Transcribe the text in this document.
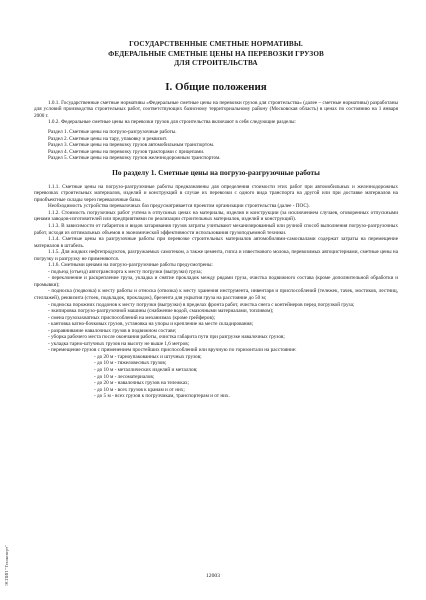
ГОСУДАРСТВЕННЫЕ СМЕТНЫЕ НОРМАТИВЫ.
ФЕДЕРАЛЬНЫЕ СМЕТНЫЕ ЦЕНЫ НА ПЕРЕВОЗКИ ГРУЗОВ
ДЛЯ СТРОИТЕЛЬСТВА
I. Общие положения

1.0.1. Государственные сметные нормативы «Федеральные сметные цены на перевозки грузов для строительства» (далее – сметные нормативы) разработаны для условий производства строительных работ, соответствующих базисному территориальному району (Московская область) в ценах по состоянию на 1 января 2000 г.

1.0.2. Федеральные сметные цены на перевозки грузов для строительства включают в себя следующие разделы:

Раздел 1. Сметные цены на погрузо-разгрузочные работы.
Раздел 2. Сметные цены на тару, упаковку и реквизит.
Раздел 3. Сметные цены на перевозку грузов автомобильным транспортом.
Раздел 4. Сметные цены на перевозку грузов тракторами с прицепами.
Раздел 5. Сметные цены на перевозку грузов железнодорожным транспортом.
По разделу 1. Сметные цены на погрузо-разгрузочные работы

1.1.1. Сметные цены на погрузо-разгрузочные работы предназначены для определения стоимости этих работ при автомобильных и железнодорожных перевозках строительных материалов, изделий и конструкций в случае их перевозки с одного вида транспорта на другой или при доставке материалов на приобъектные склады через перевалочные базы.

Необходимость устройства перевалочных баз предусматривается проектом организации строительства (далее - ПОС).

1.1.2. Стоимость погрузочных работ учтена в отпускных ценах на материалы, изделия и конструкции (за исключением случаев, оговоренных отпускными ценами заводов-изготовителей или предприятиями по реализации строительных материалов, изделий и конструкций).

1.1.3. В зависимости от габаритов и видов затаривания грузов затраты учитывают механизированный или ручной способ выполнения погрузо-разгрузочных работ, исходя из оптимальных объемов и экономической эффективности использования грузоподъемной техники.

1.1.4. Сметные цены на разгрузочные работы при перевозке строительных материалов автомобилями-самосвалами содержат затраты на перемещение материалов в штабель.

1.1.5. Для жидких нефтепродуктов, разгружаемых самотеком, а также цемента, гипса и известкового молока, перевозимых автоцистернами, сметные цены на погрузку и разгрузку не применяются.

1.1.6. Сметными ценами на погрузо-разгрузочные работы предусмотрены:

- подъезд (отъезд) автотранспорта к месту погрузки (выгрузки) груза;

- переклонение и раскрепление груза, укладка и снятие прокладок между рядами груза, очистка подвижного состава (кроме дополнительной обработки и промывки);

- подноска (подвозка) к месту работы и относка (отвозка) к месту хранения инструмента, инвентаря и приспособлений (тележек, тачек, мостиков, лестниц, стеллажей), реквизита (стоек, подкладок, прокладок), брезента для укрытия груза на расстояние до 50 м;

- подноска порожних поддонов к месту погрузки (выгрузки) в пределах фронта работ, очистка снега с контейнеров перед погрузкой груза;

- экипировка погрузо-разгрузочной машины (снабжение водой, смазочными материалами, топливом);

- смена грузозахватных приспособлений на механизмах (кроме грейферов);

- кантовка катно-бочковых грузов, установка на упоры и крепление на месте складирования;

- разравнивание навалочных грузов в подвижном составе;

- уборка рабочего места после окончания работы, очистка габарита пути при разгрузке навалочных грузов;

- укладка тарно-штучных грузов на высоту не выше 1,6 метров;

- перемещение грузов с применением простейших приспособлений или вручную по горизонтали на расстояние:

- до 20 м - тарноупакованных и штучных грузов;
- до 10 м - тяжеловесных грузов;
- до 10 м - металлических изделий и металлов;
- до 10 м - лесоматериалов;
- до 20 м - навалочных грузов на тележках;
- до 10 м - всех грузов к кранам и от них;
- до 5 м - всех грузов к погрузчикам, транспортерам и от них.
12003
ЭСПИП "Техэксперт"
